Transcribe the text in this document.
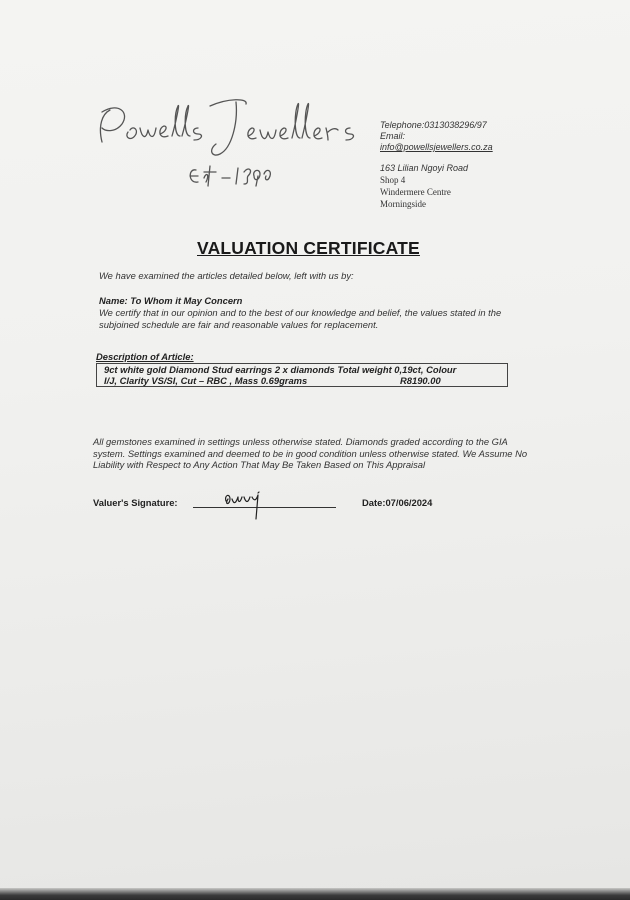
Telephone:0313038296/97
Email:
info@powellsjewellers.co.za
163 Lilian Ngoyi Road
Shop 4
Windermere Centre
Morningside
VALUATION CERTIFICATE
We have examined the articles detailed below, left with us by:
Name: To Whom it May Concern
We certify that in our opinion and to the best of our knowledge and belief, the values stated in the subjoined schedule are fair and reasonable values for replacement.
Description of Article:
9ct white gold Diamond Stud earrings 2 x diamonds Total weight 0,19ct, Colour
I/J, Clarity VS/SI, Cut – RBC , Mass 0.69grams	R8190.00
All gemstones examined in settings unless otherwise stated. Diamonds graded according to the GIA system. Settings examined and deemed to be in good condition unless otherwise stated. We Assume No Liability with Respect to Any Action That May Be Taken Based on This Appraisal
Valuer's Signature:	Date:07/06/2024
